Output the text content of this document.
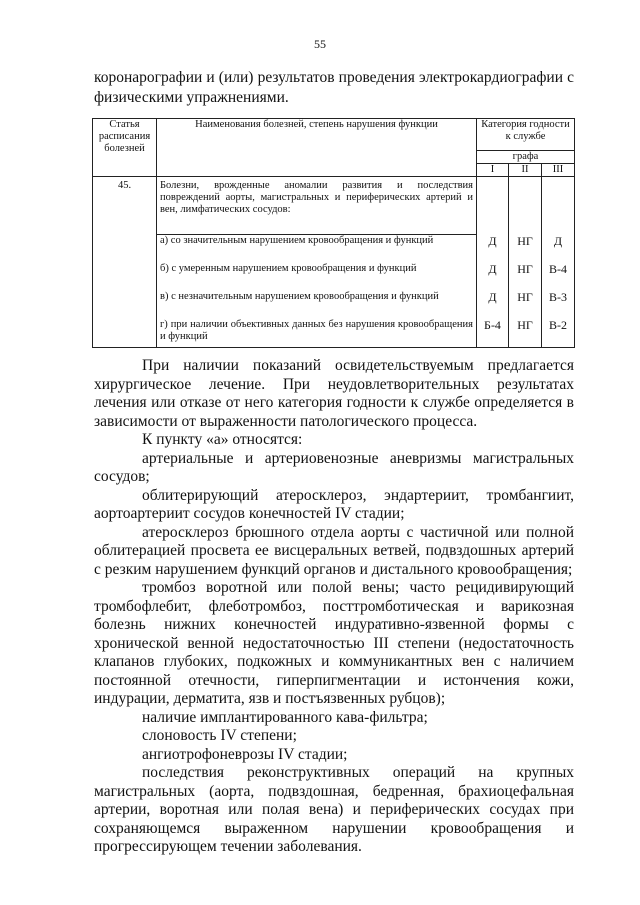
55

коронарографии и (или) результатов проведения электрокардиографии с физическими упражнениями.

Статья расписания болезней	Наименования болезней, степень нарушения функции	Категория годности к службе		
		графа		
		I	II	III
45.	Болезни, врожденные аномалии развития и последствия повреждений аорты, магистральных и периферических артерий и вен, лимфатических сосудов:			
	а) со значительным нарушением кровообращения и функций	Д	НГ	Д
	б) с умеренным нарушением кровообращения и функций	Д	НГ	В-4
	в) с незначительным нарушением кровообращения и функций	Д	НГ	В-3
	г) при наличии объективных данных без нарушения кровообращения и функций	Б-4	НГ	В-2

При наличии показаний освидетельствуемым предлагается хирургическое лечение. При неудовлетворительных результатах лечения или отказе от него категория годности к службе определяется в зависимости от выраженности патологического процесса.

К пункту «а» относятся:

артериальные и артериовенозные аневризмы магистральных сосудов;

облитерирующий атеросклероз, эндартериит, тромбангиит, аортоартериит сосудов конечностей IV стадии;

атеросклероз брюшного отдела аорты с частичной или полной облитерацией просвета ее висцеральных ветвей, подвздошных артерий с резким нарушением функций органов и дистального кровообращения;

тромбоз воротной или полой вены; часто рецидивирующий тромбофлебит, флеботромбоз, посттромботическая и варикозная болезнь нижних конечностей индуративно-язвенной формы с хронической венной недостаточностью III степени (недостаточность клапанов глубоких, подкожных и коммуникантных вен с наличием постоянной отечности, гиперпигментации и истончения кожи, индурации, дерматита, язв и постъязвенных рубцов);

наличие имплантированного кава-фильтра;

слоновость IV степени;

ангиотрофоневрозы IV стадии;

последствия реконструктивных операций на крупных магистральных (аорта, подвздошная, бедренная, брахиоцефальная артерии, воротная или полая вена) и периферических сосудах при сохраняющемся выраженном нарушении кровообращения и прогрессирующем течении заболевания.
